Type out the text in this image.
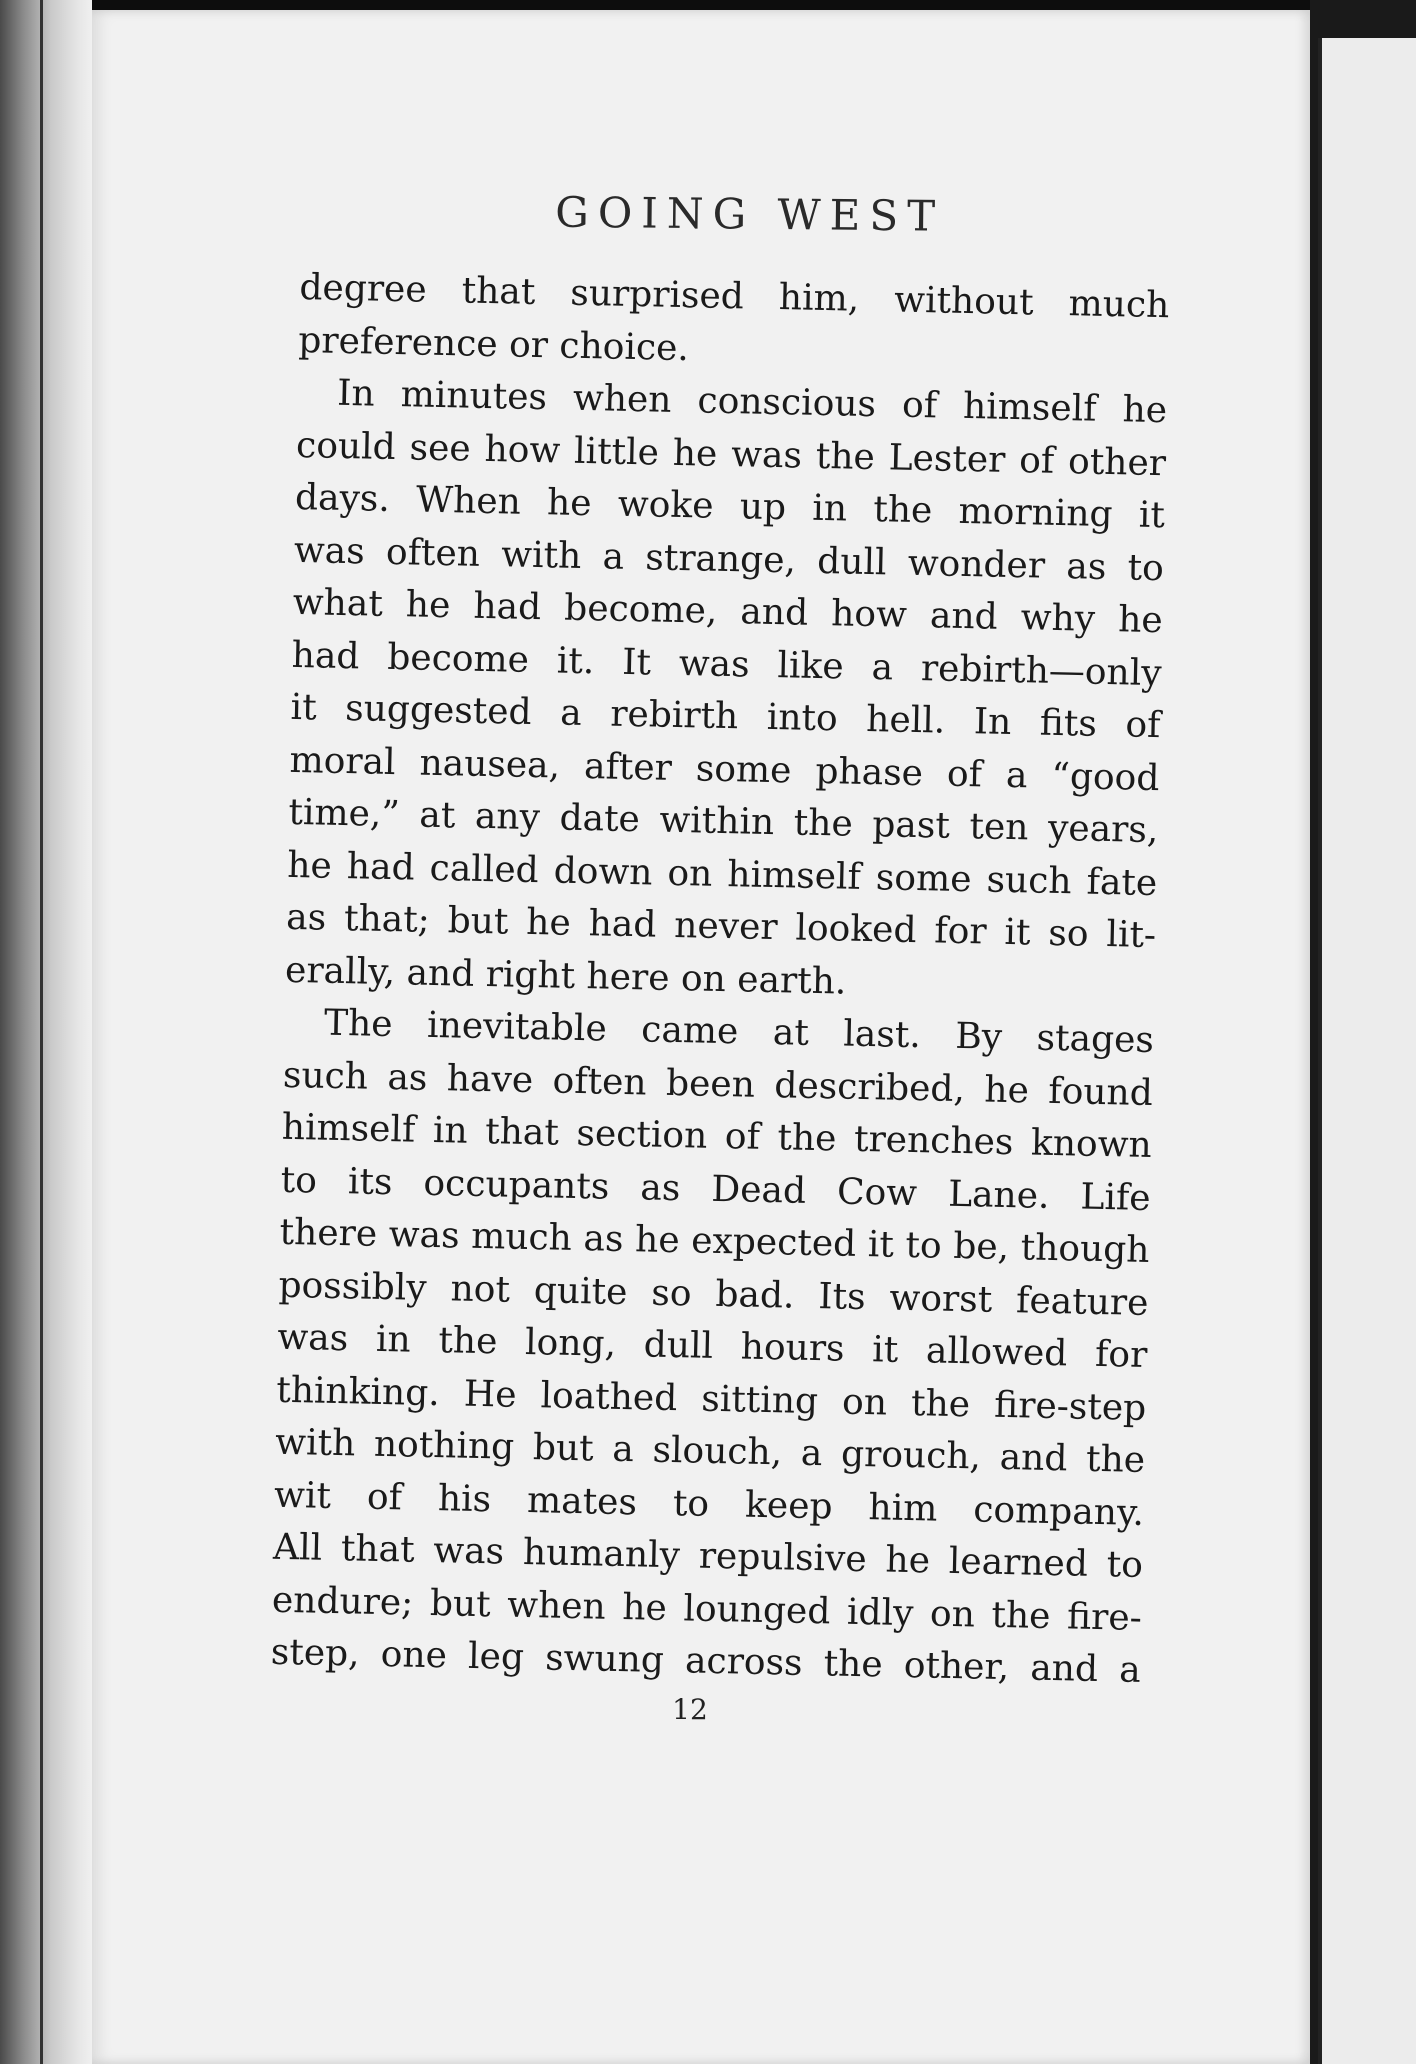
GOING WEST
degree that surprised him, without much
preference or choice.
In minutes when conscious of himself he
could see how little he was the Lester of other
days. When he woke up in the morning it
was often with a strange, dull wonder as to
what he had become, and how and why he
had become it. It was like a rebirth—only
it suggested a rebirth into hell. In fits of
moral nausea, after some phase of a “good
time,” at any date within the past ten years,
he had called down on himself some such fate
as that; but he had never looked for it so lit-
erally, and right here on earth.
The inevitable came at last. By stages
such as have often been described, he found
himself in that section of the trenches known
to its occupants as Dead Cow Lane. Life
there was much as he expected it to be, though
possibly not quite so bad. Its worst feature
was in the long, dull hours it allowed for
thinking. He loathed sitting on the fire-step
with nothing but a slouch, a grouch, and the
wit of his mates to keep him company.
All that was humanly repulsive he learned to
endure; but when he lounged idly on the fire-
step, one leg swung across the other, and a
12
